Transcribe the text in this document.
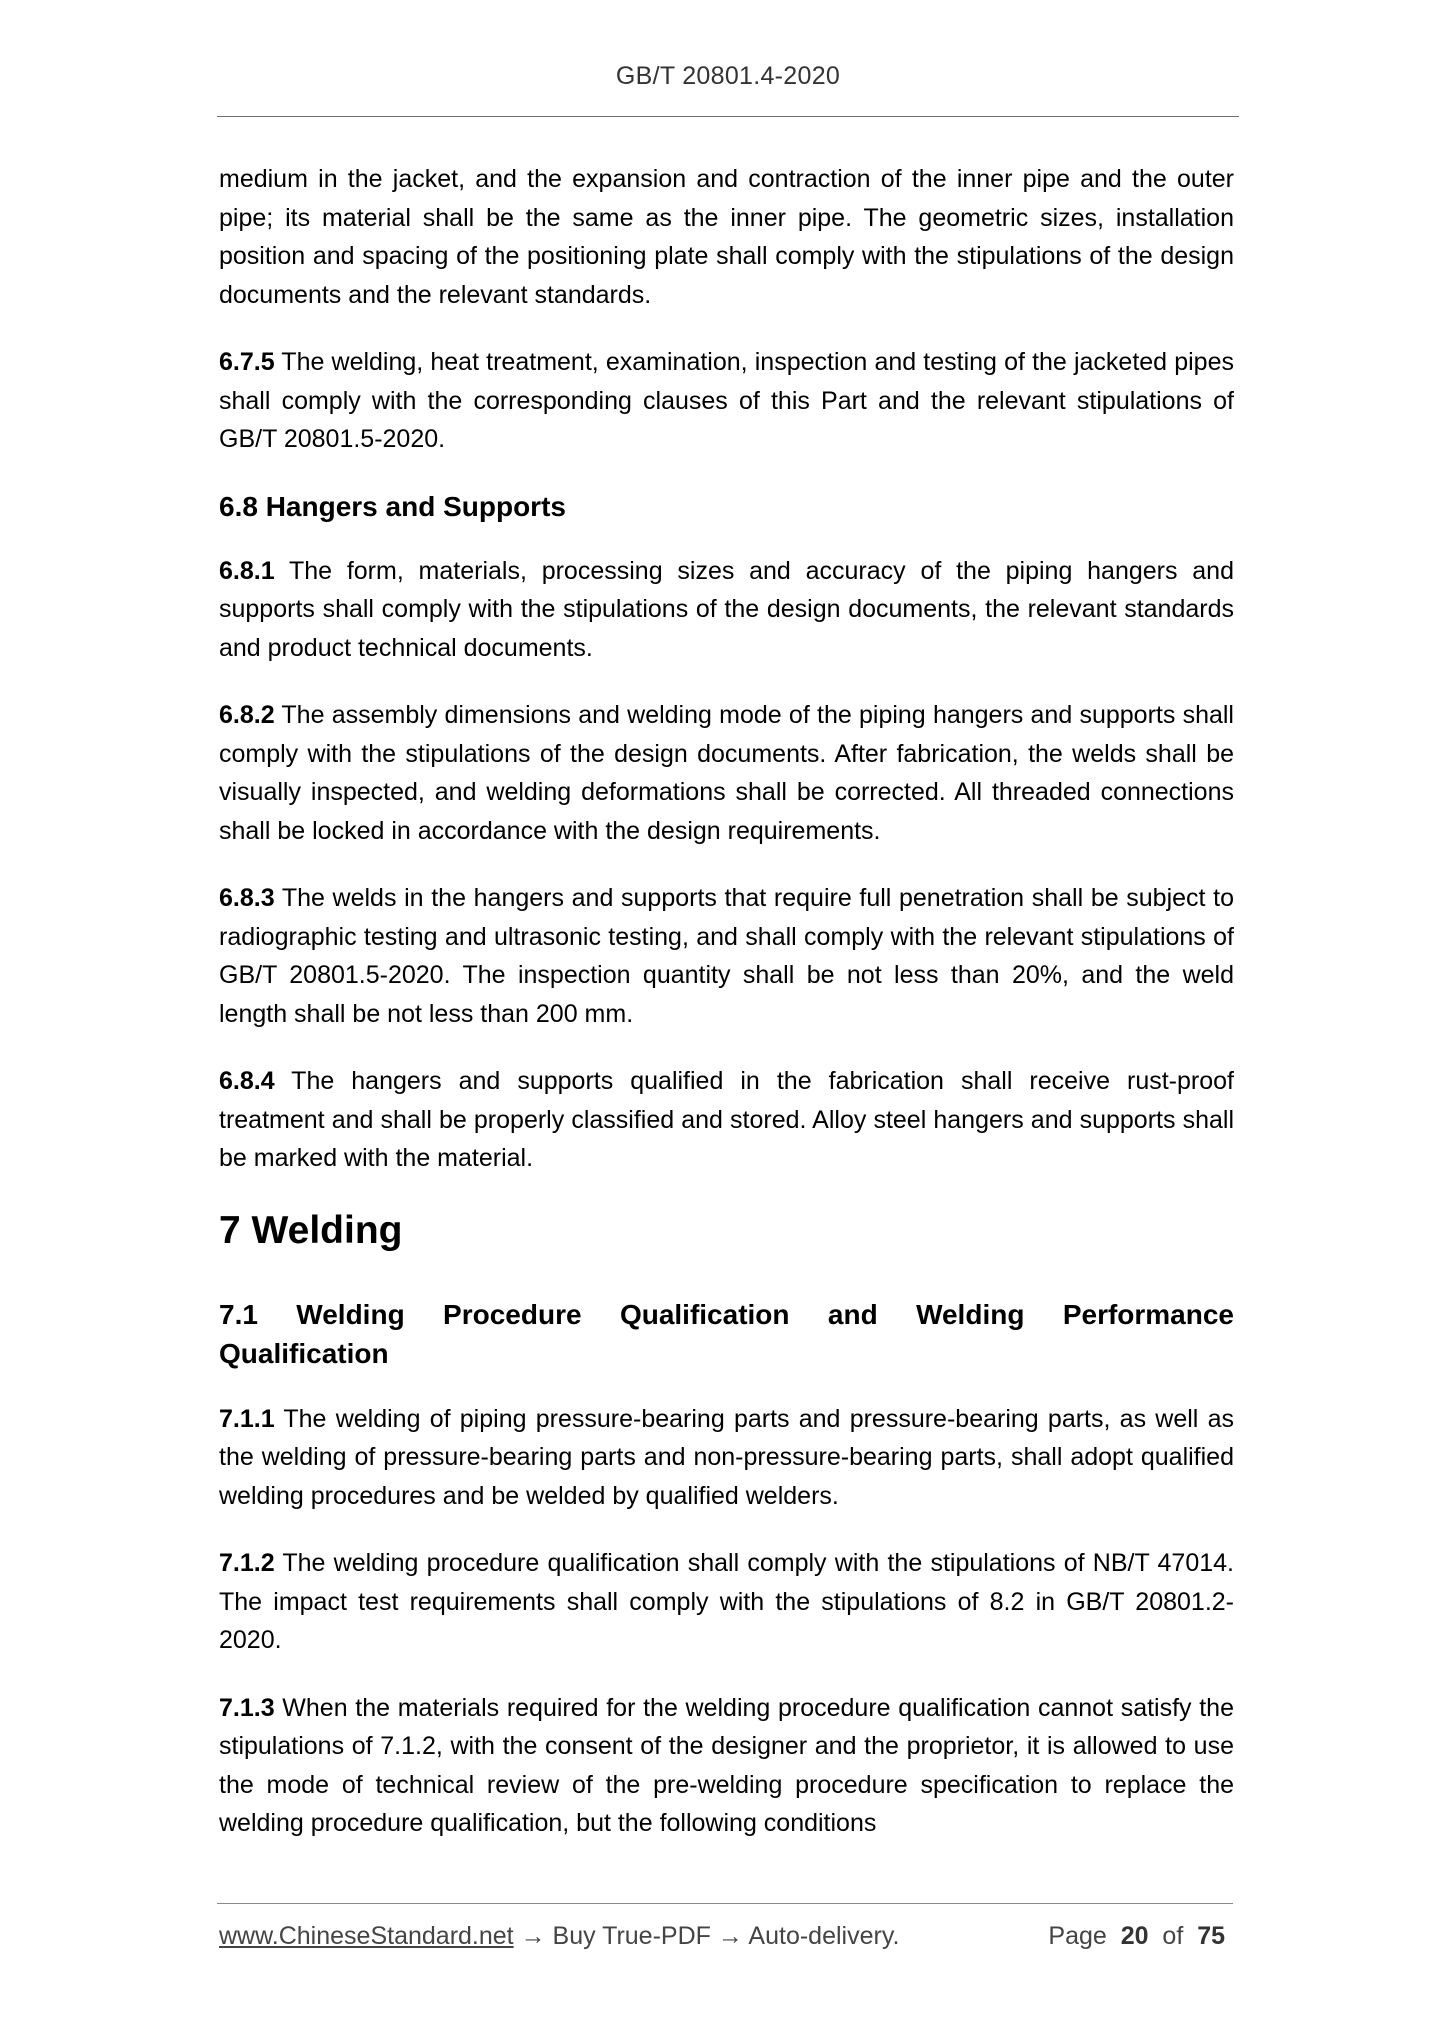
GB/T 20801.4-2020

medium in the jacket, and the expansion and contraction of the inner pipe and the outer pipe; its material shall be the same as the inner pipe. The geometric sizes, installation position and spacing of the positioning plate shall comply with the stipulations of the design documents and the relevant standards.

6.7.5 The welding, heat treatment, examination, inspection and testing of the jacketed pipes shall comply with the corresponding clauses of this Part and the relevant stipulations of GB/T 20801.5-2020.

6.8 Hangers and Supports

6.8.1 The form, materials, processing sizes and accuracy of the piping hangers and supports shall comply with the stipulations of the design documents, the relevant standards and product technical documents.

6.8.2 The assembly dimensions and welding mode of the piping hangers and supports shall comply with the stipulations of the design documents. After fabrication, the welds shall be visually inspected, and welding deformations shall be corrected. All threaded connections shall be locked in accordance with the design requirements.

6.8.3 The welds in the hangers and supports that require full penetration shall be subject to radiographic testing and ultrasonic testing, and shall comply with the relevant stipulations of GB/T 20801.5-2020. The inspection quantity shall be not less than 20%, and the weld length shall be not less than 200 mm.

6.8.4 The hangers and supports qualified in the fabrication shall receive rust-proof treatment and shall be properly classified and stored. Alloy steel hangers and supports shall be marked with the material.

7 Welding
7.1 Welding Procedure Qualification and Welding Performance
Qualification

7.1.1 The welding of piping pressure-bearing parts and pressure-bearing parts, as well as the welding of pressure-bearing parts and non-pressure-bearing parts, shall adopt qualified welding procedures and be welded by qualified welders.

7.1.2 The welding procedure qualification shall comply with the stipulations of NB/T 47014. The impact test requirements shall comply with the stipulations of 8.2 in GB/T 20801.2-2020.

7.1.3 When the materials required for the welding procedure qualification cannot satisfy the stipulations of 7.1.2, with the consent of the designer and the proprietor, it is allowed to use the mode of technical review of the pre-welding procedure specification to replace the welding procedure qualification, but the following conditions

www.ChineseStandard.net → Buy True-PDF → Auto-delivery.	Page 20 of 75
